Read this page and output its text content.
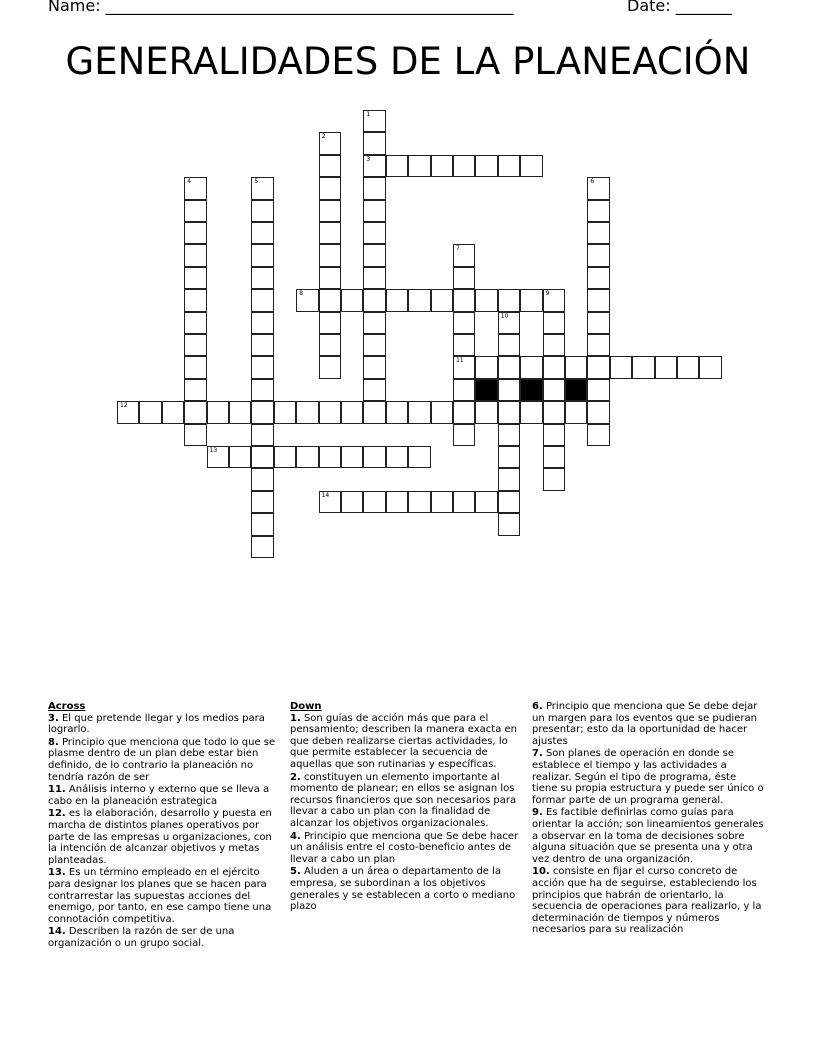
Name: ___________________________________________________	Date: _______
GENERALIDADES DE LA PLANEACIÓN
1
3
2
4	5	6
7
11
8	9
10
12
13
14
Across
3. El que pretende llegar y los medios para lograrlo.
8. Principio que menciona que todo lo que se plasme dentro de un plan debe estar bien definido, de lo contrario la planeación no tendría razón de ser
11. Análisis interno y externo que se lleva a cabo en la planeación estrategica
12. es la elaboración, desarrollo y puesta en marcha de distintos planes operativos por parte de las empresas u organizaciones, con la intención de alcanzar objetivos y metas planteadas.
13. Es un término empleado en el ejército para designar los planes que se hacen para contrarrestar las supuestas acciones del enemigo, por tanto, en ese campo tiene una connotación competitiva.
14. Describen la razón de ser de una organización o un grupo social.
Down
1. Son guías de acción más que para el pensamiento; describen la manera exacta en que deben realizarse ciertas actividades, lo que permite establecer la secuencia de aquellas que son rutinarias y específicas.
2. constituyen un elemento importante al momento de planear; en ellos se asignan los recursos financieros que son necesarios para llevar a cabo un plan con la finalidad de alcanzar los objetivos organizacionales.
4. Principio que menciona que Se debe hacer un análisis entre el costo-beneficio antes de llevar a cabo un plan
5. Aluden a un área o departamento de la empresa, se subordinan a los objetivos generales y se establecen a corto o mediano plazo
6. Principio que menciona que Se debe dejar un margen para los eventos que se pudieran presentar; esto da la oportunidad de hacer ajustes
7. Son planes de operación en donde se establece el tiempo y las actividades a realizar. Según el tipo de programa, éste tiene su propia estructura y puede ser único o formar parte de un programa general.
9. Es factible definirlas como guías para orientar la acción; son lineamientos generales a observar en la toma de decisiones sobre alguna situación que se presenta una y otra vez dentro de una organización.
10. consiste en fijar el curso concreto de acción que ha de seguirse, estableciendo los principios que habrán de orientarlo, la secuencia de operaciones para realizarlo, y la determinación de tiempos y números necesarios para su realización
